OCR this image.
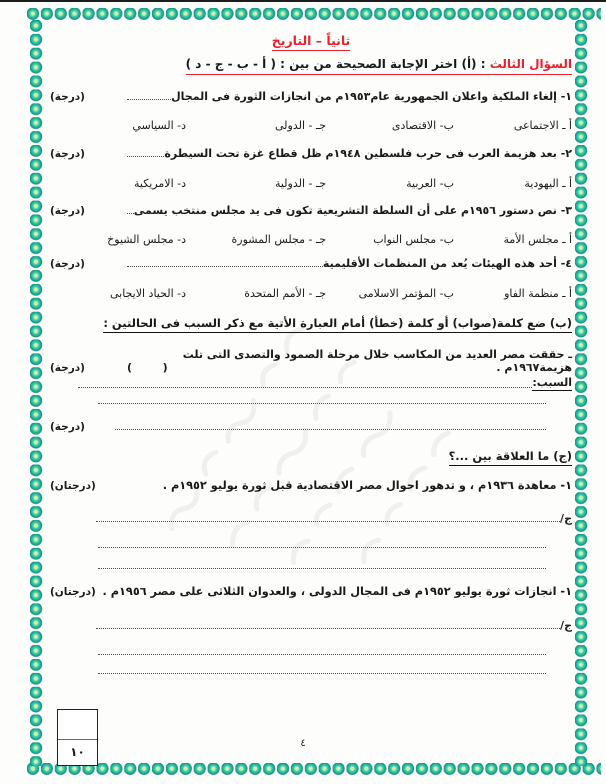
ثانياً – التاريخ
السؤال الثالث : (أ) اختر الإجابة الصحيحة من بين : ( أ - ب - ج - د )
١- إلغاء الملكية واعلان الجمهورية عام١٩٥٣م من انجازات الثورة فى المجال
(درجة)
أ ـ الاجتماعى
ب- الاقتصادى
جـ - الدولى
د- السياسي
٢- بعد هزيمة العرب فى حرب فلسطين ١٩٤٨م ظل قطاع غزة تحت السيطرة
(درجة)
أ ـ اليهودية
ب- العربية
جـ - الدولية
د- الامريكية
٣- نص دستور ١٩٥٦م على أن السلطة التشريعية تكون فى يد مجلس منتخب يسمى
(درجة)
أ ـ مجلس الأمة
ب- مجلس النواب
جـ - مجلس المشورة
د- مجلس الشيوخ
٤- أحد هذه الهيئات يُعد من المنظمات الأقليمية
(درجة)
أ ـ منظمة الفاو
ب- المؤتمر الاسلامى
جـ - الأمم المتحدة
د- الحياد الايجابى
(ب) ضع كلمة(صواب) أو كلمة (خطأ) أمام العبارة الأتية مع ذكر السبب فى الحالتين :
ـ حققت مصر العديد من المكاسب خلال مرحلة الصمود والتصدى التى تلت هزيمة١٩٦٧م .
(        )
(درجة)
السبب:
(درجة)
(ج) ما العلاقة بين ...؟
١- معاهدة ١٩٣٦م ، و تدهور احوال مصر الاقتصادية قبل ثورة يوليو ١٩٥٢م .
(درجتان)
ج/
١- انجازات ثورة يوليو ١٩٥٢م فى المجال الدولى ، والعدوان الثلاثى على مصر ١٩٥٦م .
(درجتان)
ج/
١٠
٤
